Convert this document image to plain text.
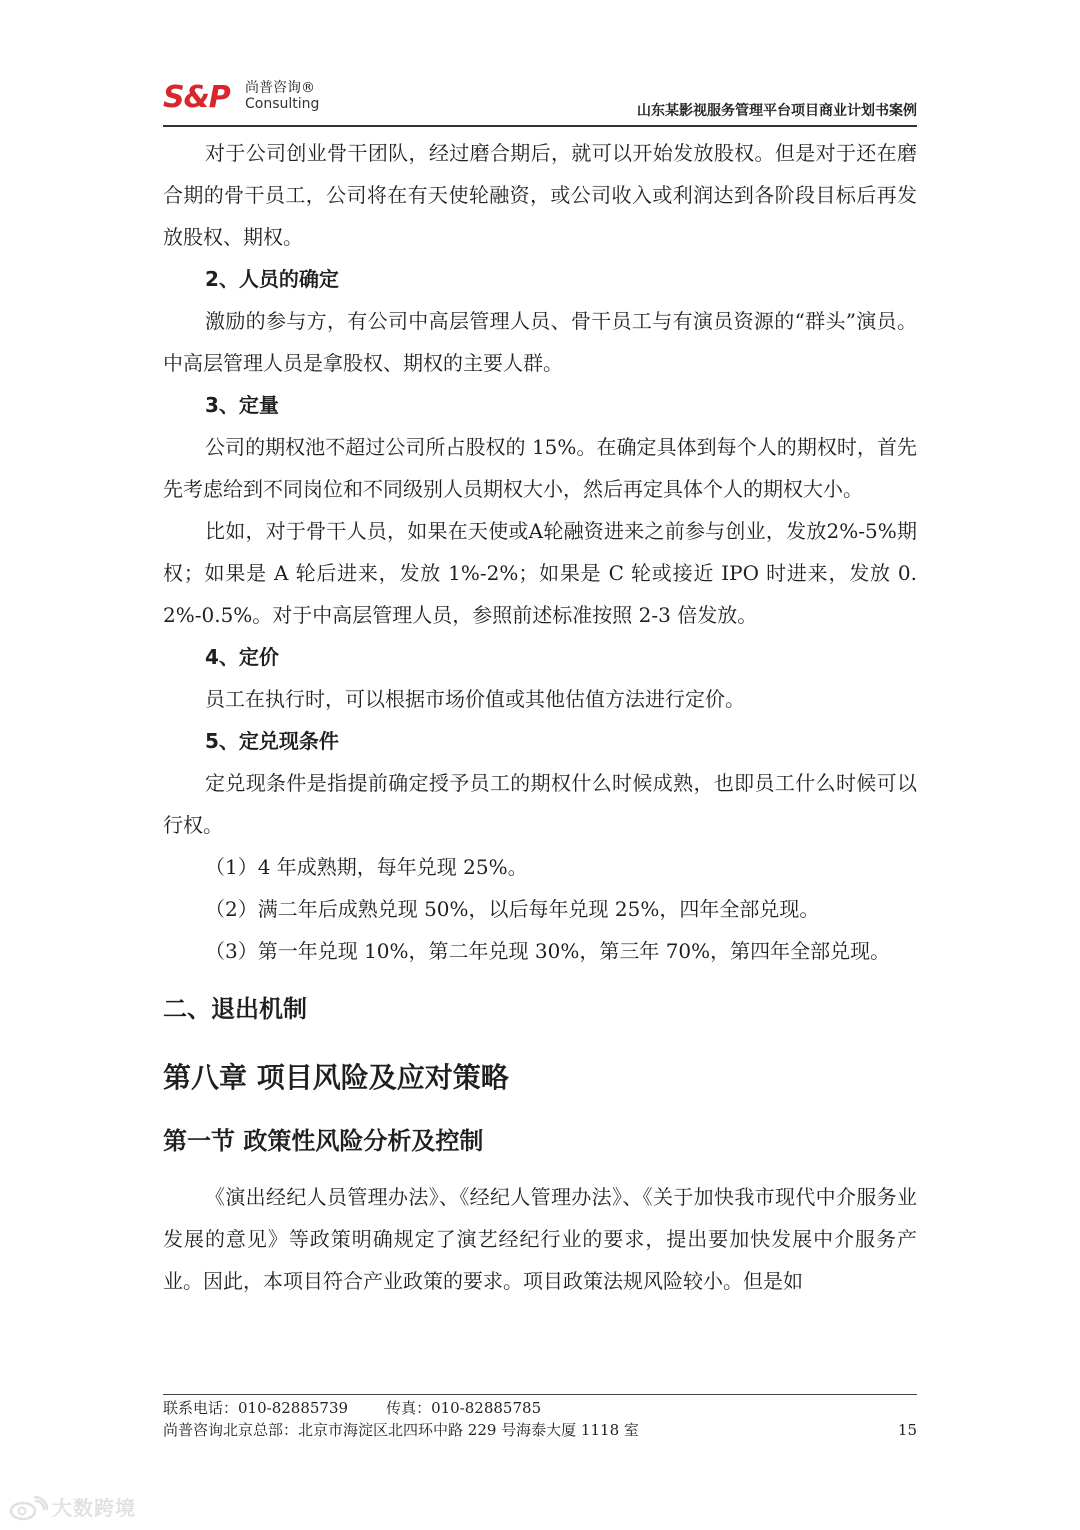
S&P 尚普咨询®
Consulting	山东某影视服务管理平台项目商业计划书案例

对于公司创业骨干团队，经过磨合期后，就可以开始发放股权。但是对于还在磨合期的骨干员工，公司将在有天使轮融资，或公司收入或利润达到各阶段目标后再发放股权、期权。

2、人员的确定

激励的参与方，有公司中高层管理人员、骨干员工与有演员资源的“群头”演员。中高层管理人员是拿股权、期权的主要人群。

3、定量

公司的期权池不超过公司所占股权的 15%。在确定具体到每个人的期权时，首先先考虑给到不同岗位和不同级别人员期权大小，然后再定具体个人的期权大小。

比如，对于骨干人员，如果在天使或A轮融资进来之前参与创业，发放2%-5%期权；如果是 A 轮后进来，发放 1%-2%；如果是 C 轮或接近 IPO 时进来，发放 0.2%-0.5%。对于中高层管理人员，参照前述标准按照 2-3 倍发放。

4、定价

员工在执行时，可以根据市场价值或其他估值方法进行定价。

5、定兑现条件

定兑现条件是指提前确定授予员工的期权什么时候成熟，也即员工什么时候可以行权。

（1）4 年成熟期，每年兑现 25%。

（2）满二年后成熟兑现 50%，以后每年兑现 25%，四年全部兑现。

（3）第一年兑现 10%，第二年兑现 30%，第三年 70%，第四年全部兑现。

二、退出机制

第八章 项目风险及应对策略

第一节 政策性风险分析及控制

《演出经纪人员管理办法》、《经纪人管理办法》、《关于加快我市现代中介服务业发展的意见》等政策明确规定了演艺经纪行业的要求，提出要加快发展中介服务产业。因此，本项目符合产业政策的要求。项目政策法规风险较小。但是如

联系电话：010-82885739	传真：010-82885785
尚普咨询北京总部：北京市海淀区北四环中路 229 号海泰大厦 1118 室	15
大数跨境
